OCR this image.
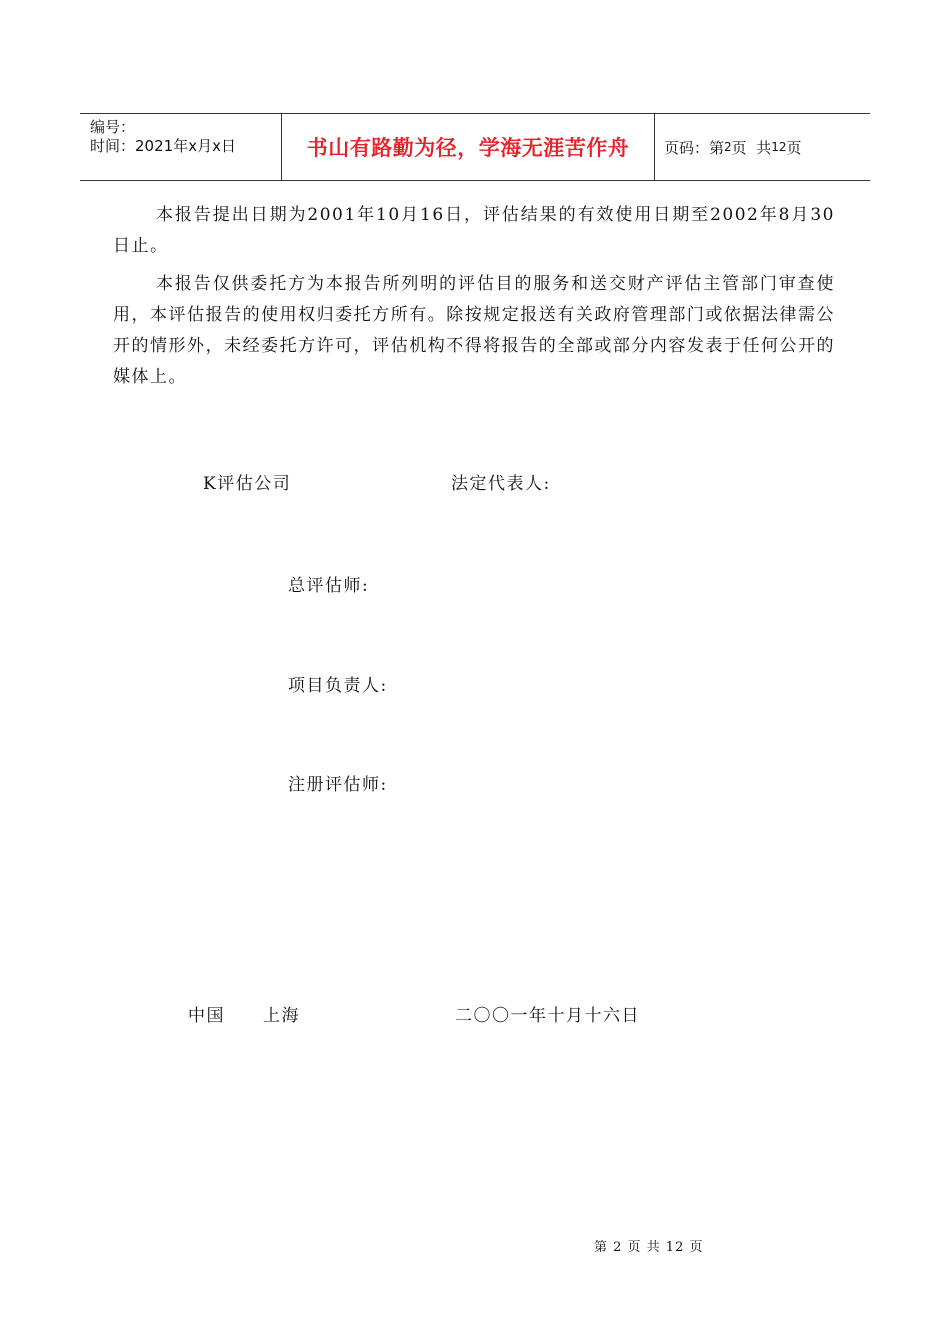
编号：
时间：2021年x月x日	书山有路勤为径，学海无涯苦作舟	页码：第 2 页  共 12 页

本报告提出日期为2001年10月16日，评估结果的有效使用日期至2002年8月30日止。

本报告仅供委托方为本报告所列明的评估目的服务和送交财产评估主管部门审查使用，本评估报告的使用权归委托方所有。除按规定报送有关政府管理部门或依据法律需公开的情形外，未经委托方许可，评估机构不得将报告的全部或部分内容发表于任何公开的媒体上。

K评估公司	法定代表人:
总评估师:
项目负责人:
注册评估师:
中国 上海	二〇〇一年十月十六日
第 2 页 共 12 页
